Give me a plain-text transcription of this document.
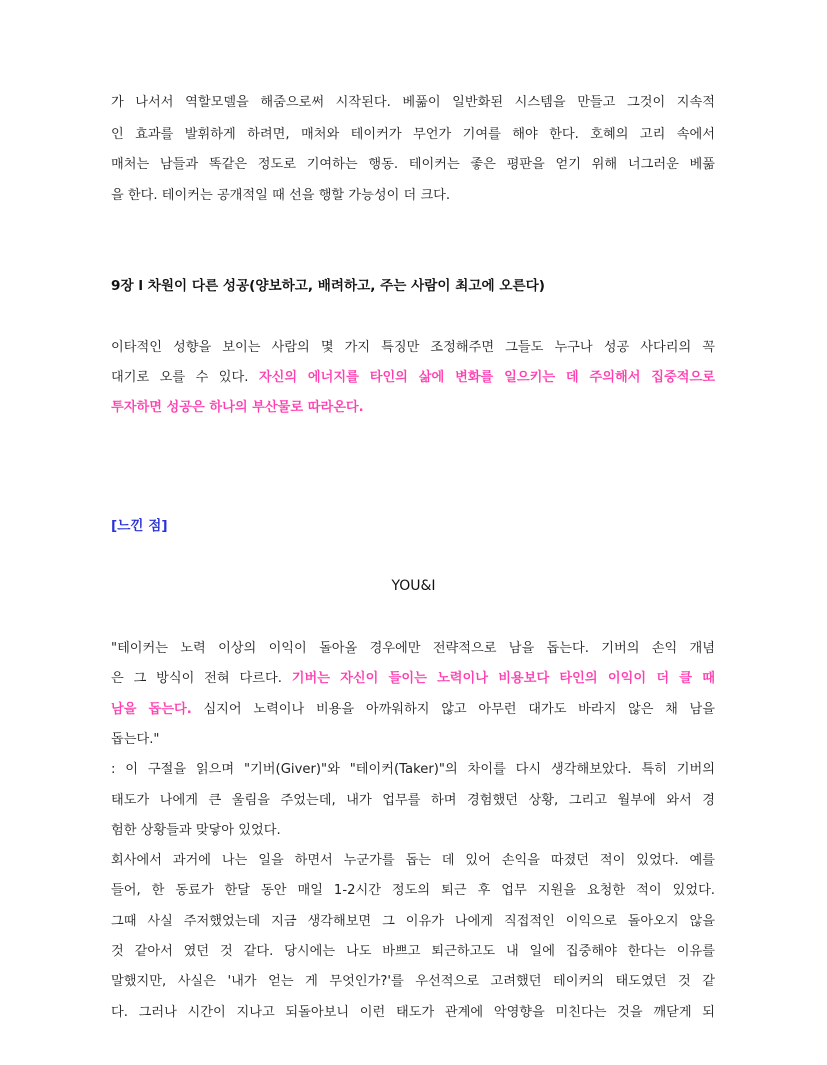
가 나서서 역할모델을 해줌으로써 시작된다. 베풂이 일반화된 시스템을 만들고 그것이 지속적
인 효과를 발휘하게 하려면, 매처와 테이커가 무언가 기여를 해야 한다. 호혜의 고리 속에서
매처는 남들과 똑같은 정도로 기여하는 행동. 테이커는 좋은 평판을 얻기 위해 너그러운 베풂
을 한다. 테이커는 공개적일 때 선을 행할 가능성이 더 크다.
9장 l 차원이 다른 성공(양보하고, 배려하고, 주는 사람이 최고에 오른다)
이타적인 성향을 보이는 사람의 몇 가지 특징만 조정해주면 그들도 누구나 성공 사다리의 꼭
대기로 오를 수 있다. 자신의 에너지를 타인의 삶에 변화를 일으키는 데 주의해서 집중적으로
투자하면 성공은 하나의 부산물로 따라온다.
[느낀 점]
YOU&I
"테이커는 노력 이상의 이익이 돌아올 경우에만 전략적으로 남을 돕는다. 기버의 손익 개념
은 그 방식이 전혀 다르다. 기버는 자신이 들이는 노력이나 비용보다 타인의 이익이 더 클 때
남을 돕는다. 심지어 노력이나 비용을 아까워하지 않고 아무런 대가도 바라지 않은 채 남을
돕는다."
: 이 구절을 읽으며 "기버(Giver)"와 "테이커(Taker)"의 차이를 다시 생각해보았다. 특히 기버의
태도가 나에게 큰 울림을 주었는데, 내가 업무를 하며 경험했던 상황, 그리고 월부에 와서 경
험한 상황들과 맞닿아 있었다.
회사에서 과거에 나는 일을 하면서 누군가를 돕는 데 있어 손익을 따졌던 적이 있었다. 예를
들어, 한 동료가 한달 동안 매일 1-2시간 정도의 퇴근 후 업무 지원을 요청한 적이 있었다.
그때 사실 주저했었는데 지금 생각해보면 그 이유가 나에게 직접적인 이익으로 돌아오지 않을
것 같아서 였던 것 같다. 당시에는 나도 바쁘고 퇴근하고도 내 일에 집중해야 한다는 이유를
말했지만, 사실은 '내가 얻는 게 무엇인가?'를 우선적으로 고려했던 테이커의 태도였던 것 같
다. 그러나 시간이 지나고 되돌아보니 이런 태도가 관계에 악영향을 미친다는 것을 깨닫게 되
